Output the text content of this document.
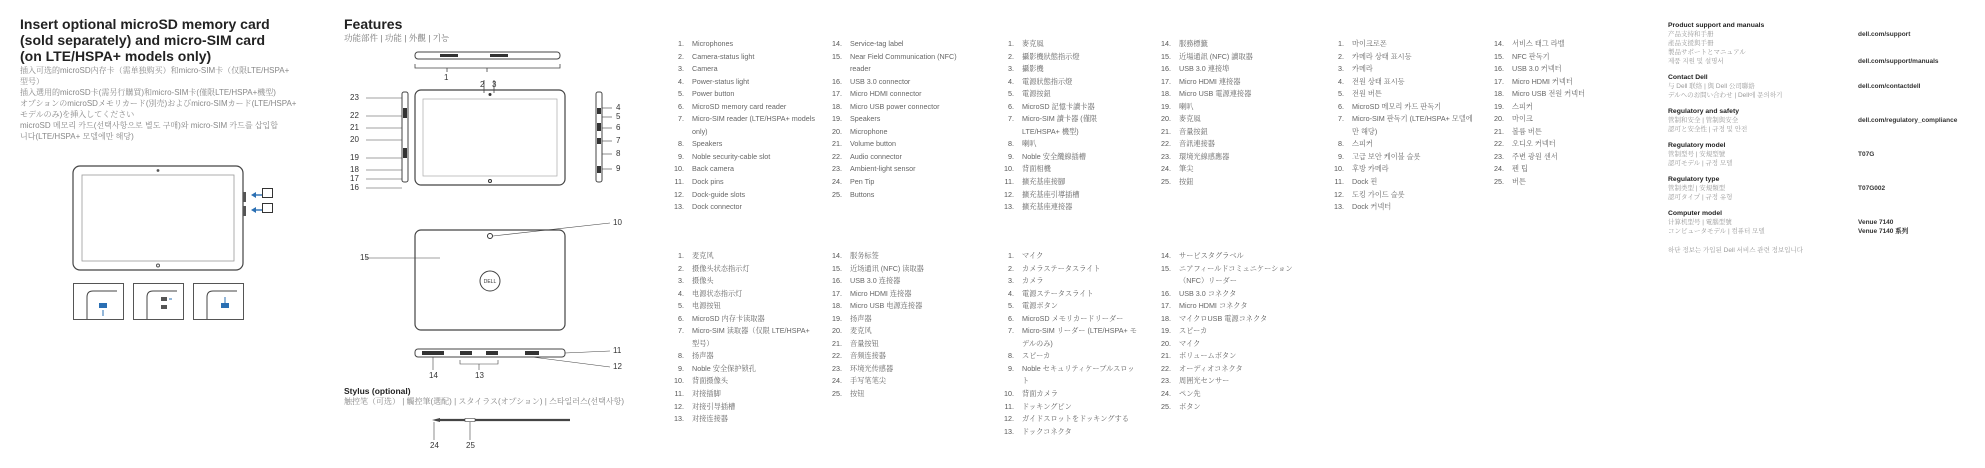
Insert optional microSD memory card
(sold separately) and micro-SIM card
(on LTE/HSPA+ models only)
插入可选的microSD内存卡（需单独购买）和micro-SIM卡（仅限LTE/HSPA+
型号）
插入選用的microSD卡(需另行購買)和micro-SIM卡(僅限LTE/HSPA+機型)
オプションのmicroSDメモリカード(別売)およびmicro-SIMカード(LTE/HSPA+
モデルのみ)を挿入してください
microSD 메모리 카드(선택사항으로 별도 구매)와 micro-SIM 카드를 삽입합
니다(LTE/HSPA+ 모델에만 해당)
Features
功能部件 | 功能 | 外觀 | 기능
1
2 3
23
22
21
20
19
18
17
16
4
5
6
7
8
9
DELL
15
10
11
12
13
14
24	25
Stylus (optional)
触控笔（可选） | 觸控筆(選配) | スタイラス(オプション) | 스타일러스(선택사항)
1. Microphones
2. Camera-status light
3. Camera
4. Power-status light
5. Power button
6. MicroSD memory card reader
7. Micro-SIM reader (LTE/HSPA+ models only)
8. Speakers
9. Noble security-cable slot
10. Back camera
11. Dock pins
12. Dock-guide slots
13. Dock connector
14. Service-tag label
15. Near Field Communication (NFC) reader
16. USB 3.0 connector
17. Micro HDMI connector
18. Micro USB power connector
19. Speakers
20. Microphone
21. Volume button
22. Audio connector
23. Ambient-light sensor
24. Pen Tip
25. Buttons
1. 麥克風
2. 攝影機狀態指示燈
3. 攝影機
4. 電源狀態指示燈
5. 電源按鈕
6. MicroSD 記憶卡讀卡器
7. Micro-SIM 讀卡器 (僅限 LTE/HSPA+ 機型)
8. 喇叭
9. Noble 安全纜線插槽
10. 背面相機
11. 擴充基座接腳
12. 擴充基座引導插槽
13. 擴充基座連接器
14. 服務標籤
15. 近場通訊 (NFC) 讀取器
16. USB 3.0 連接埠
17. Micro HDMI 連接器
18. Micro USB 電源連接器
19. 喇叭
20. 麥克風
21. 音量按鈕
22. 音訊連接器
23. 環境光線感應器
24. 筆尖
25. 按鈕
1. 마이크로폰
2. 카메라 상태 표시등
3. 카메라
4. 전원 상태 표시등
5. 전원 버튼
6. MicroSD 메모리 카드 판독기
7. Micro-SIM 판독기 (LTE/HSPA+ 모델에만 해당)
8. 스피커
9. 고급 보안 케이블 슬롯
10. 후방 카메라
11. Dock 핀
12. 도킹 가이드 슬롯
13. Dock 커넥터
14. 서비스 태그 라벨
15. NFC 판독기
16. USB 3.0 커넥터
17. Micro HDMI 커넥터
18. Micro USB 전원 커넥터
19. 스피커
20. 마이크
21. 볼륨 버튼
22. 오디오 커넥터
23. 주변 광원 센서
24. 펜 팁
25. 버튼
1. 麦克风
2. 摄像头状态指示灯
3. 摄像头
4. 电源状态指示灯
5. 电源按钮
6. MicroSD 内存卡读取器
7. Micro-SIM 读取器（仅限 LTE/HSPA+ 型号）
8. 扬声器
9. Noble 安全保护锁孔
10. 背面摄像头
11. 对接插脚
12. 对接引导插槽
13. 对接连接器
14. 服务标签
15. 近场通讯 (NFC) 读取器
16. USB 3.0 连接器
17. Micro HDMI 连接器
18. Micro USB 电源连接器
19. 扬声器
20. 麦克风
21. 音量按钮
22. 音频连接器
23. 环境光传感器
24. 手写笔笔尖
25. 按钮
1. マイク
2. カメラステータスライト
3. カメラ
4. 電源ステータスライト
5. 電源ボタン
6. MicroSD メモリカードリーダー
7. Micro-SIM リーダー (LTE/HSPA+ モデルのみ)
8. スピーカ
9. Noble セキュリティケーブルスロット
10. 背面カメラ
11. ドッキングピン
12. ガイドスロットをドッキングする
13. ドックコネクタ
14. サービスタグラベル
15. ニアフィールドコミュニケーション（NFC）リーダー
16. USB 3.0 コネクタ
17. Micro HDMI コネクタ
18. マイクロUSB 電源コネクタ
19. スピーカ
20. マイク
21. ボリュームボタン
22. オーディオコネクタ
23. 周囲光センサー
24. ペン先
25. ボタン
Product support and manuals
产品支持和手册
產品支援與手冊
製品サポートとマニュアル
제품 지원 및 설명서
dell.com/support
dell.com/support/manuals
Contact Dell
与 Dell 联络 | 與 Dell 公司聯絡
デルへのお問い合わせ | Dell에 문의하기
dell.com/contactdell
Regulatory and safety
管制和安全 | 管制與安全
認可と安全性 | 규정 및 안전
dell.com/regulatory_compliance
Regulatory model
管制型号 | 安規型號
認可モデル | 규정 모델
T07G
Regulatory type
管制类型 | 安規類型
認可タイプ | 규정 유형
T07G002
Computer model
计算机型号 | 電腦型號
コンピュータモデル | 컴퓨터 모델
Venue 7140
Venue 7140 系列
하단 정보는 가입된 Dell 서비스 관련 정보입니다
